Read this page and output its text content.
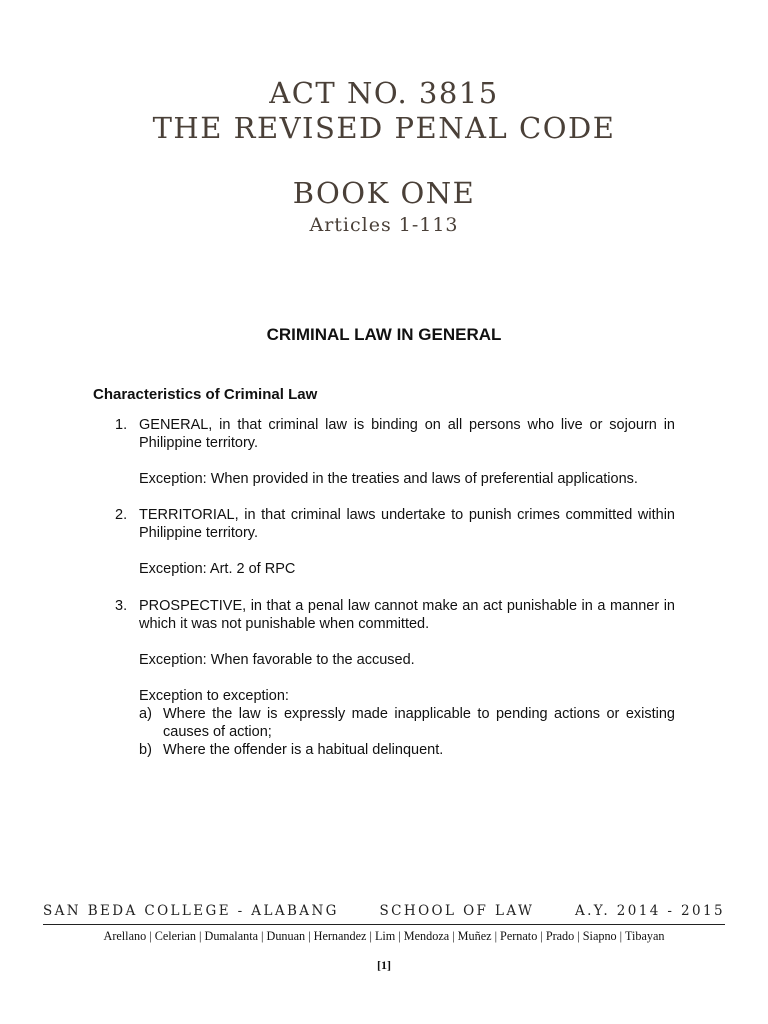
ACT NO. 3815
THE REVISED PENAL CODE
BOOK ONE
Articles 1-113
CRIMINAL LAW IN GENERAL
Characteristics of Criminal Law
1. GENERAL, in that criminal law is binding on all persons who live or sojourn in Philippine territory.

Exception: When provided in the treaties and laws of preferential applications.

2. TERRITORIAL, in that criminal laws undertake to punish crimes committed within Philippine territory.

Exception: Art. 2 of RPC

3. PROSPECTIVE, in that a penal law cannot make an act punishable in a manner in which it was not punishable when committed.

Exception: When favorable to the accused.

Exception to exception:

a) Where the law is expressly made inapplicable to pending actions or existing causes of action;
b) Where the offender is a habitual delinquent.
SAN BEDA COLLEGE - ALABANG	SCHOOL OF LAW	A.Y. 2014 - 2015
Arellano | Celerian | Dumalanta | Dunuan | Hernandez | Lim | Mendoza | Muñez | Pernato | Prado | Siapno | Tibayan
[1]
